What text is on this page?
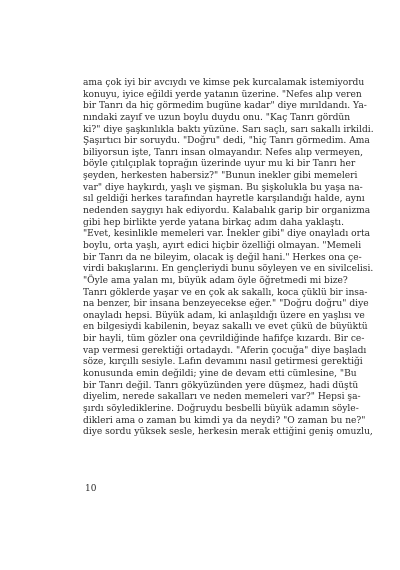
ama çok iyi bir avcıydı ve kimse pek kurcalamak istemiyordu
konuyu, iyice eğildi yerde yatanın üzerine. "Nefes alıp veren
bir Tanrı da hiç görmedim bugüne kadar" diye mırıldandı. Ya-
nındaki zayıf ve uzun boylu duydu onu. "Kaç Tanrı gördün
ki?" diye şaşkınlıkla baktı yüzüne. Sarı saçlı, sarı sakallı irkildi.
Şaşırtıcı bir soruydu. "Doğru" dedi, "hiç Tanrı görmedim. Ama
biliyorsun işte, Tanrı insan olmayandır. Nefes alıp vermeyen,
böyle çıtılçıplak toprağın üzerinde uyur mu ki bir Tanrı her
şeyden, herkesten habersiz?" "Bunun inekler gibi memeleri
var" diye haykırdı, yaşlı ve şişman. Bu şişkolukla bu yaşa na-
sıl geldiği herkes tarafından hayretle karşılandığı halde, aynı
nedenden saygıyı hak ediyordu. Kalabalık garip bir organizma
gibi hep birlikte yerde yatana birkaç adım daha yaklaştı.
"Evet, kesinlikle memeleri var. İnekler gibi" diye onayladı orta
boylu, orta yaşlı, ayırt edici hiçbir özelliği olmayan. "Memeli
bir Tanrı da ne bileyim, olacak iş değil hani." Herkes ona çe-
virdi bakışlarını. En gençleriydi bunu söyleyen ve en sivilcelisi.
"Öyle ama yalan mı, büyük adam öyle öğretmedi mi bize?
Tanrı göklerde yaşar ve en çok ak sakallı, koca çüklü bir insa-
na benzer, bir insana benzeyecekse eğer." "Doğru doğru" diye
onayladı hepsi. Büyük adam, ki anlaşıldığı üzere en yaşlısı ve
en bilgesiydi kabilenin, beyaz sakallı ve evet çükü de büyüktü
bir hayli, tüm gözler ona çevrildiğinde hafifçe kızardı. Bir ce-
vap vermesi gerektiği ortadaydı. "Aferin çocuğa" diye başladı
söze, kırçıllı sesiyle. Lafın devamını nasıl getirmesi gerektiği
konusunda emin değildi; yine de devam etti cümlesine, "Bu
bir Tanrı değil. Tanrı gökyüzünden yere düşmez, hadi düştü
diyelim, nerede sakalları ve neden memeleri var?" Hepsi şa-
şırdı söylediklerine. Doğruydu besbelli büyük adamın söyle-
dikleri ama o zaman bu kimdi ya da neydi? "O zaman bu ne?"
diye sordu yüksek sesle, herkesin merak ettiğini geniş omuzlu,
10
